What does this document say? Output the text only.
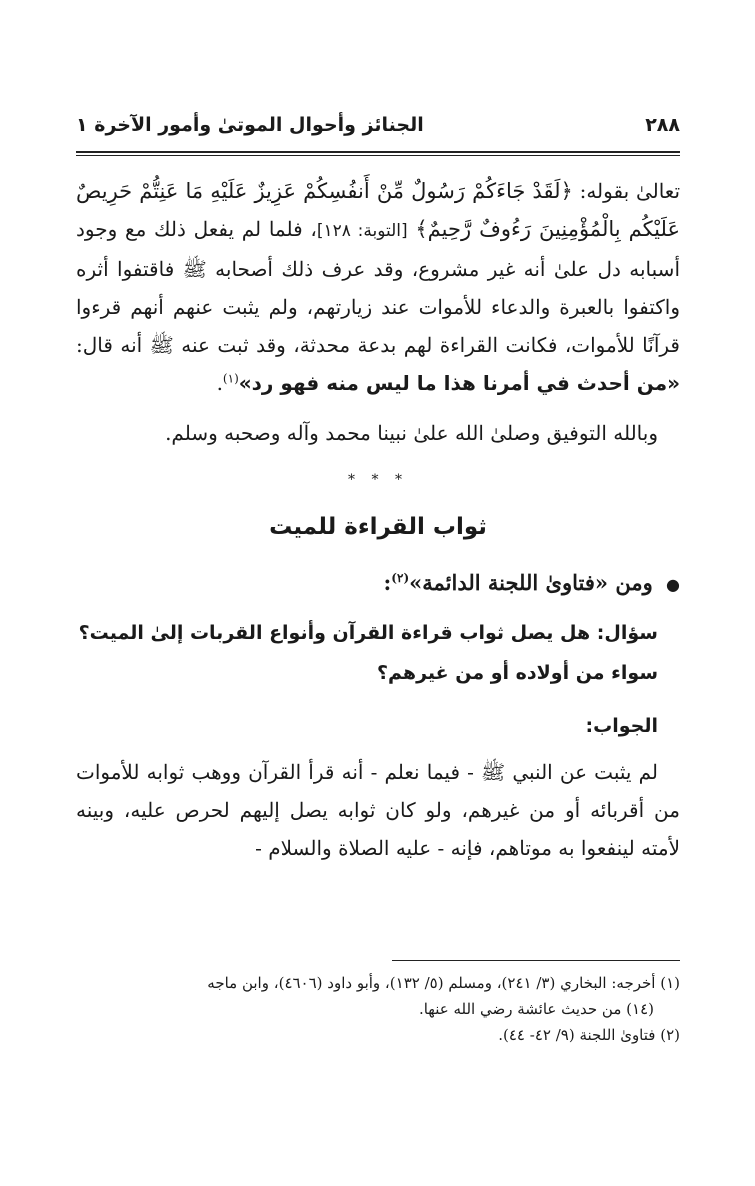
٢٨٨
الجنائز وأحوال الموتىٰ وأمور الآخرة ١

تعالىٰ بقوله: ﴿لَقَدْ جَاءَكُمْ رَسُولٌ مِّنْ أَنفُسِكُمْ عَزِيزٌ عَلَيْهِ مَا عَنِتُّمْ حَرِيصٌ عَلَيْكُم بِالْمُؤْمِنِينَ رَءُوفٌ رَّحِيمٌ﴾ [التوبة: ١٢٨]، فلما لم يفعل ذلك مع وجود أسبابه دل علىٰ أنه غير مشروع، وقد عرف ذلك أصحابه ﷺ فاقتفوا أثره واكتفوا بالعبرة والدعاء للأموات عند زيارتهم، ولم يثبت عنهم أنهم قرءوا قرآنًا للأموات، فكانت القراءة لهم بدعة محدثة، وقد ثبت عنه ﷺ أنه قال: «من أحدث في أمرنا هذا ما ليس منه فهو رد»$^{(١)}$.

وبالله التوفيق وصلىٰ الله علىٰ نبينا محمد وآله وصحبه وسلم.

* * *
ثواب القراءة للميت
● ومن «فتاوىٰ اللجنة الدائمة»$^{(٢)}$:
سؤال: هل يصل ثواب قراءة القرآن وأنواع القربات إلىٰ الميت؟ سواء من أولاده أو من غيرهم؟
الجواب:

لم يثبت عن النبي ﷺ - فيما نعلم - أنه قرأ القرآن ووهب ثوابه للأموات من أقربائه أو من غيرهم، ولو كان ثوابه يصل إليهم لحرص عليه، وبينه لأمته لينفعوا به موتاهم، فإنه - عليه الصلاة والسلام -

(١) أخرجه: البخاري (٣/ ٢٤١)، ومسلم (٥/ ١٣٢)، وأبو داود (٤٦٠٦)، وابن ماجه

(١٤) من حديث عائشة رضي الله عنها.

(٢) فتاوىٰ اللجنة (٩/ ٤٢- ٤٤).
